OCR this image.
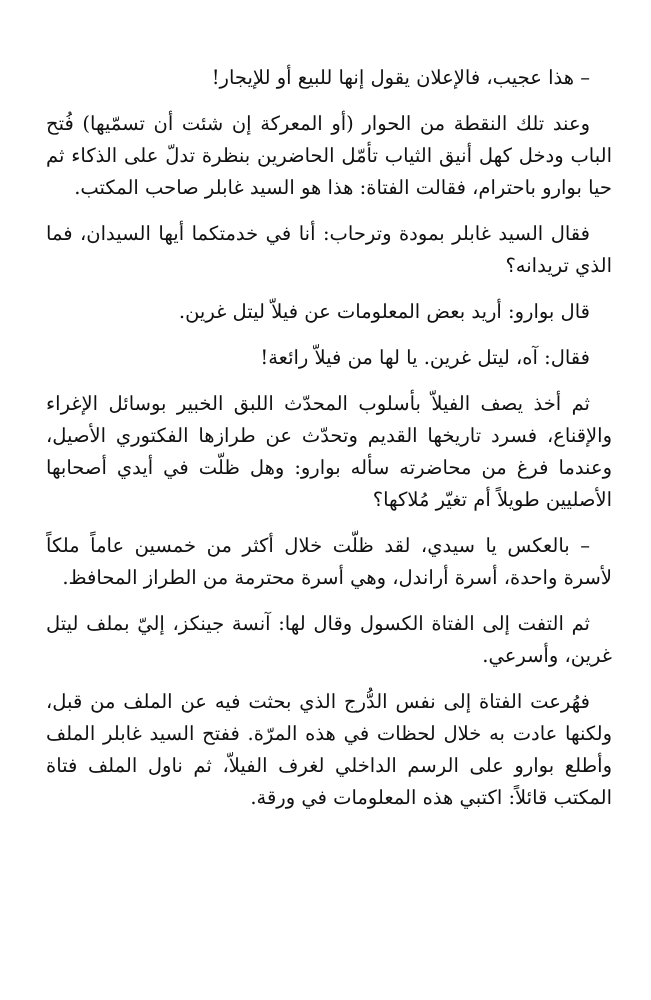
– هذا عجيب، فالإعلان يقول إنها للبيع أو للإيجار!

وعند تلك النقطة من الحوار (أو المعركة إن شئت أن تسمّيها) فُتح الباب ودخل كهل أنيق الثياب تأمّل الحاضرين بنظرة تدلّ على الذكاء ثم حيا بوارو باحترام، فقالت الفتاة: هذا هو السيد غابلر صاحب المكتب.

فقال السيد غابلر بمودة وترحاب: أنا في خدمتكما أيها السيدان، فما الذي تريدانه؟

قال بوارو: أريد بعض المعلومات عن فيلاّ ليتل غرين.

فقال: آه، ليتل غرين. يا لها من فيلاّ رائعة!

ثم أخذ يصف الفيلاّ بأسلوب المحدّث اللبق الخبير بوسائل الإغراء والإقناع، فسرد تاريخها القديم وتحدّث عن طرازها الفكتوري الأصيل، وعندما فرغ من محاضرته سأله بوارو: وهل ظلّت في أيدي أصحابها الأصليين طويلاً أم تغيّر مُلاكها؟

– بالعكس يا سيدي، لقد ظلّت خلال أكثر من خمسين عاماً ملكاً لأسرة واحدة، أسرة أراندل، وهي أسرة محترمة من الطراز المحافظ.

ثم التفت إلى الفتاة الكسول وقال لها: آنسة جينكز، إليّ بملف ليتل غرين، وأسرعي.

فهُرعت الفتاة إلى نفس الدُّرج الذي بحثت فيه عن الملف من قبل، ولكنها عادت به خلال لحظات في هذه المرّة. ففتح السيد غابلر الملف وأطلع بوارو على الرسم الداخلي لغرف الفيلاّ، ثم ناول الملف فتاة المكتب قائلاً: اكتبي هذه المعلومات في ورقة.
